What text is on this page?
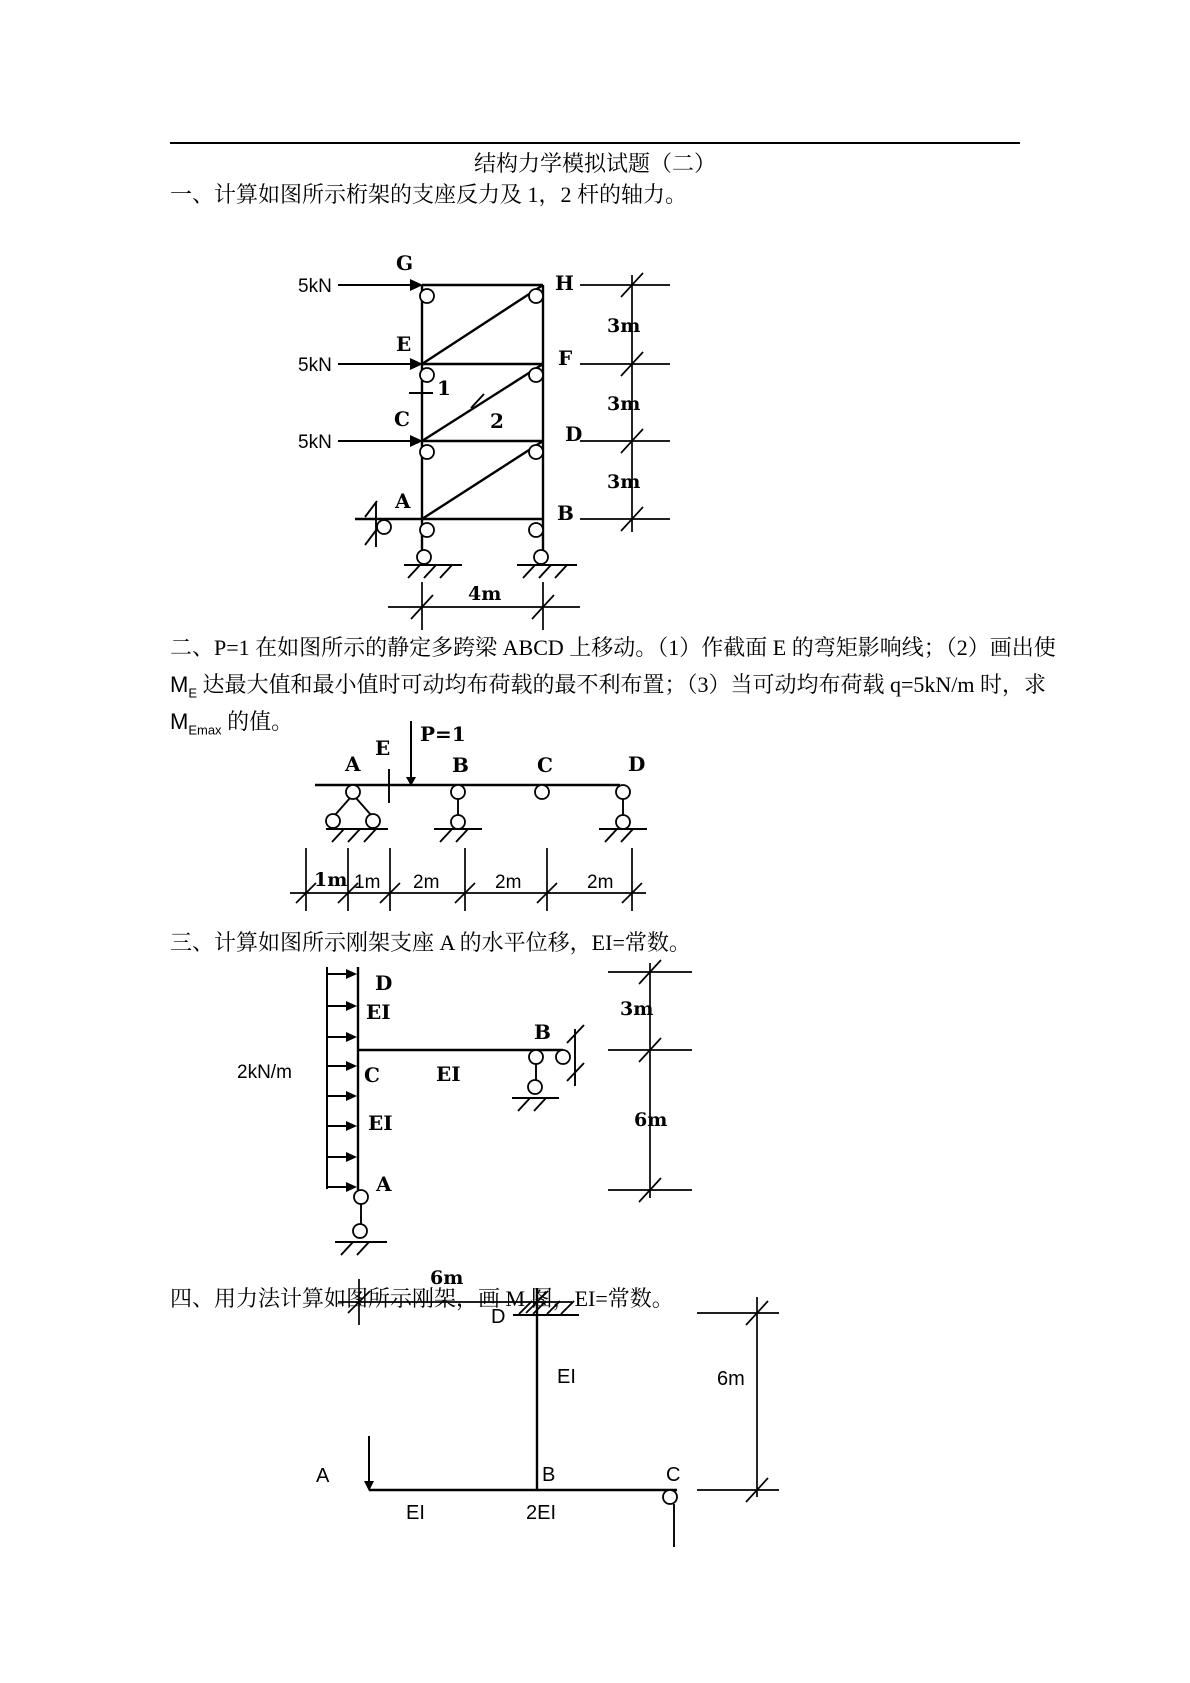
结构力学模拟试题（二）
一、计算如图所示桁架的支座反力及 1，2 杆的轴力。
5kN
5kN
5kN
G
H
E
F
C
D
A	B
1
2
3m
3m
3m
4m
二、P=1 在如图所示的静定多跨梁 ABCD 上移动。（1）作截面 E 的弯矩影响线；（2）画出使
$M_E$ 达最大值和最小值时可动均布荷载的最不利布置；（3）当可动均布荷载 q=5kN/m 时，求
$M_{Emax}$ 的值。	P=1
A
E
B	C	D
1m 1m 2m	2m	2m
三、计算如图所示刚架支座 A 的水平位移，EI=常数。
2kN/m
D
EI
C	EI
EI
A
B
3m
6m
四、用力法计算如图所示刚架，画 M 图，EI=常数。
6m
D
EI
A	B	C
EI	2EI
6m
